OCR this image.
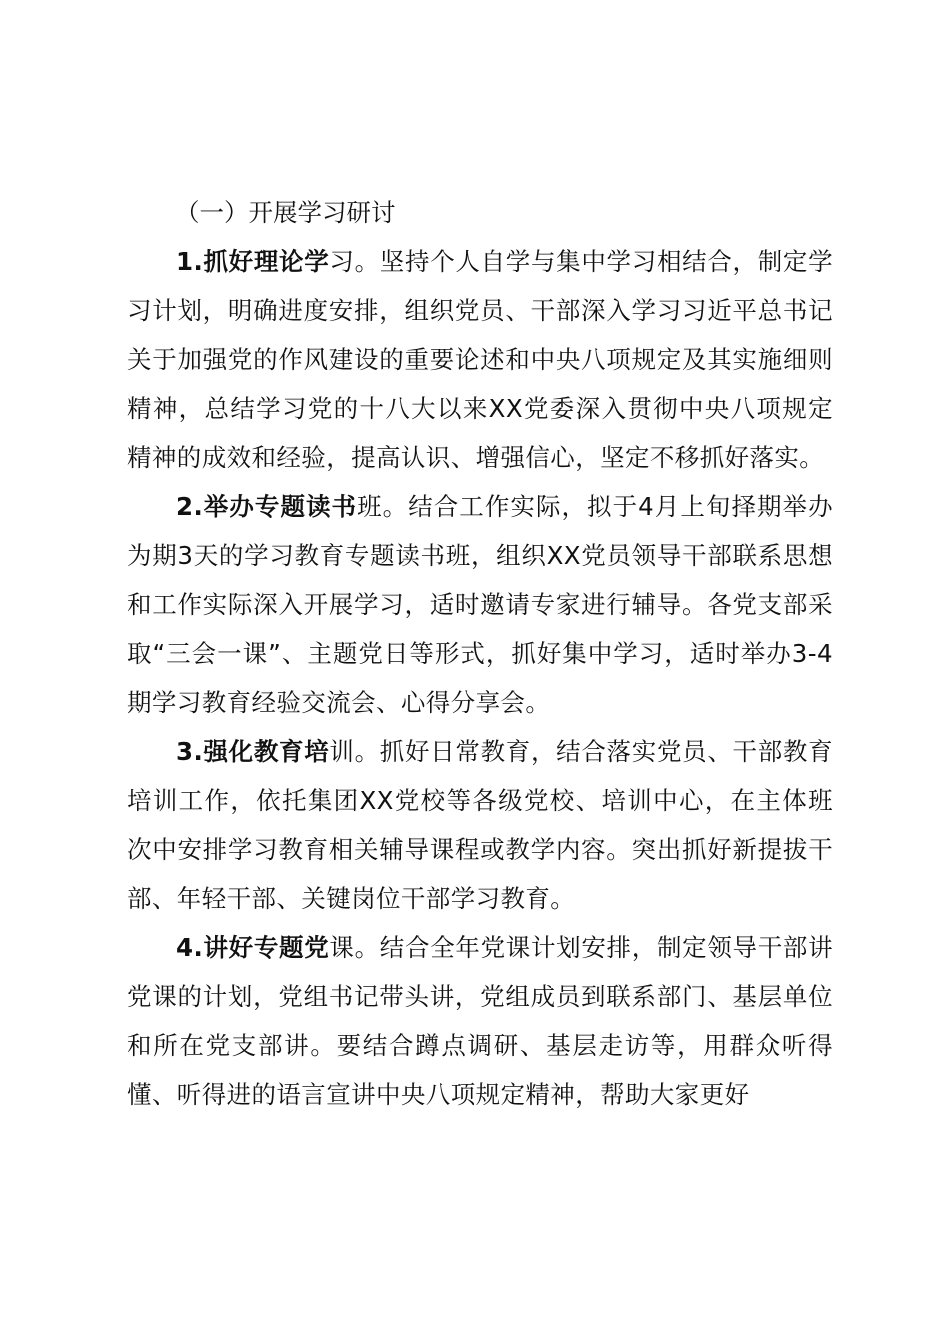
（一）开展学习研讨

1.抓好理论学习。坚持个人自学与集中学习相结合，制定学习计划，明确进度安排，组织党员、干部深入学习习近平总书记关于加强党的作风建设的重要论述和中央八项规定及其实施细则精神，总结学习党的十八大以来XX党委深入贯彻中央八项规定精神的成效和经验，提高认识、增强信心，坚定不移抓好落实。

2.举办专题读书班。结合工作实际，拟于4月上旬择期举办为期3天的学习教育专题读书班，组织XX党员领导干部联系思想和工作实际深入开展学习，适时邀请专家进行辅导。各党支部采取“三会一课”、主题党日等形式，抓好集中学习，适时举办3-4期学习教育经验交流会、心得分享会。

3.强化教育培训。抓好日常教育，结合落实党员、干部教育培训工作，依托集团XX党校等各级党校、培训中心，在主体班次中安排学习教育相关辅导课程或教学内容。突出抓好新提拔干部、年轻干部、关键岗位干部学习教育。

4.讲好专题党课。结合全年党课计划安排，制定领导干部讲党课的计划，党组书记带头讲，党组成员到联系部门、基层单位和所在党支部讲。要结合蹲点调研、基层走访等，用群众听得懂、听得进的语言宣讲中央八项规定精神，帮助大家更好
